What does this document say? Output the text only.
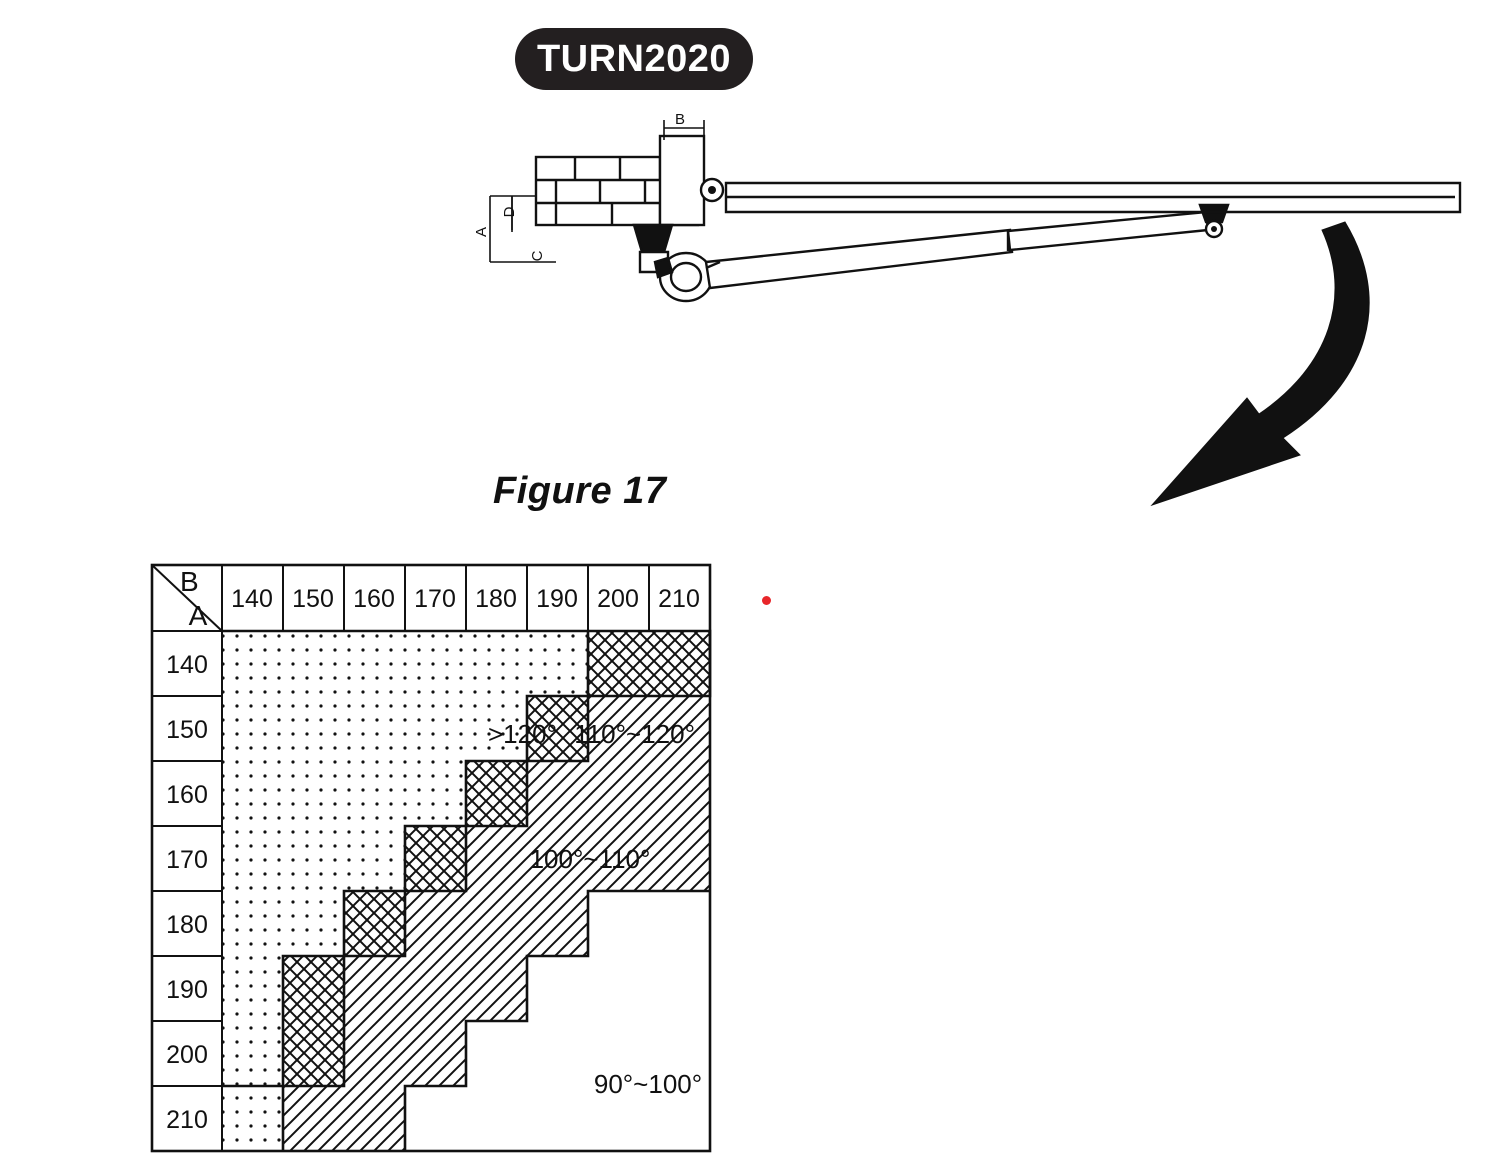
TURN2020
B
A
C
D
Figure 17
A
B
140 150 160 170 180 190 200 210
140
150
160
170
180
190
200
210
>120° 110°~120°
100°~110°
90°~100°
